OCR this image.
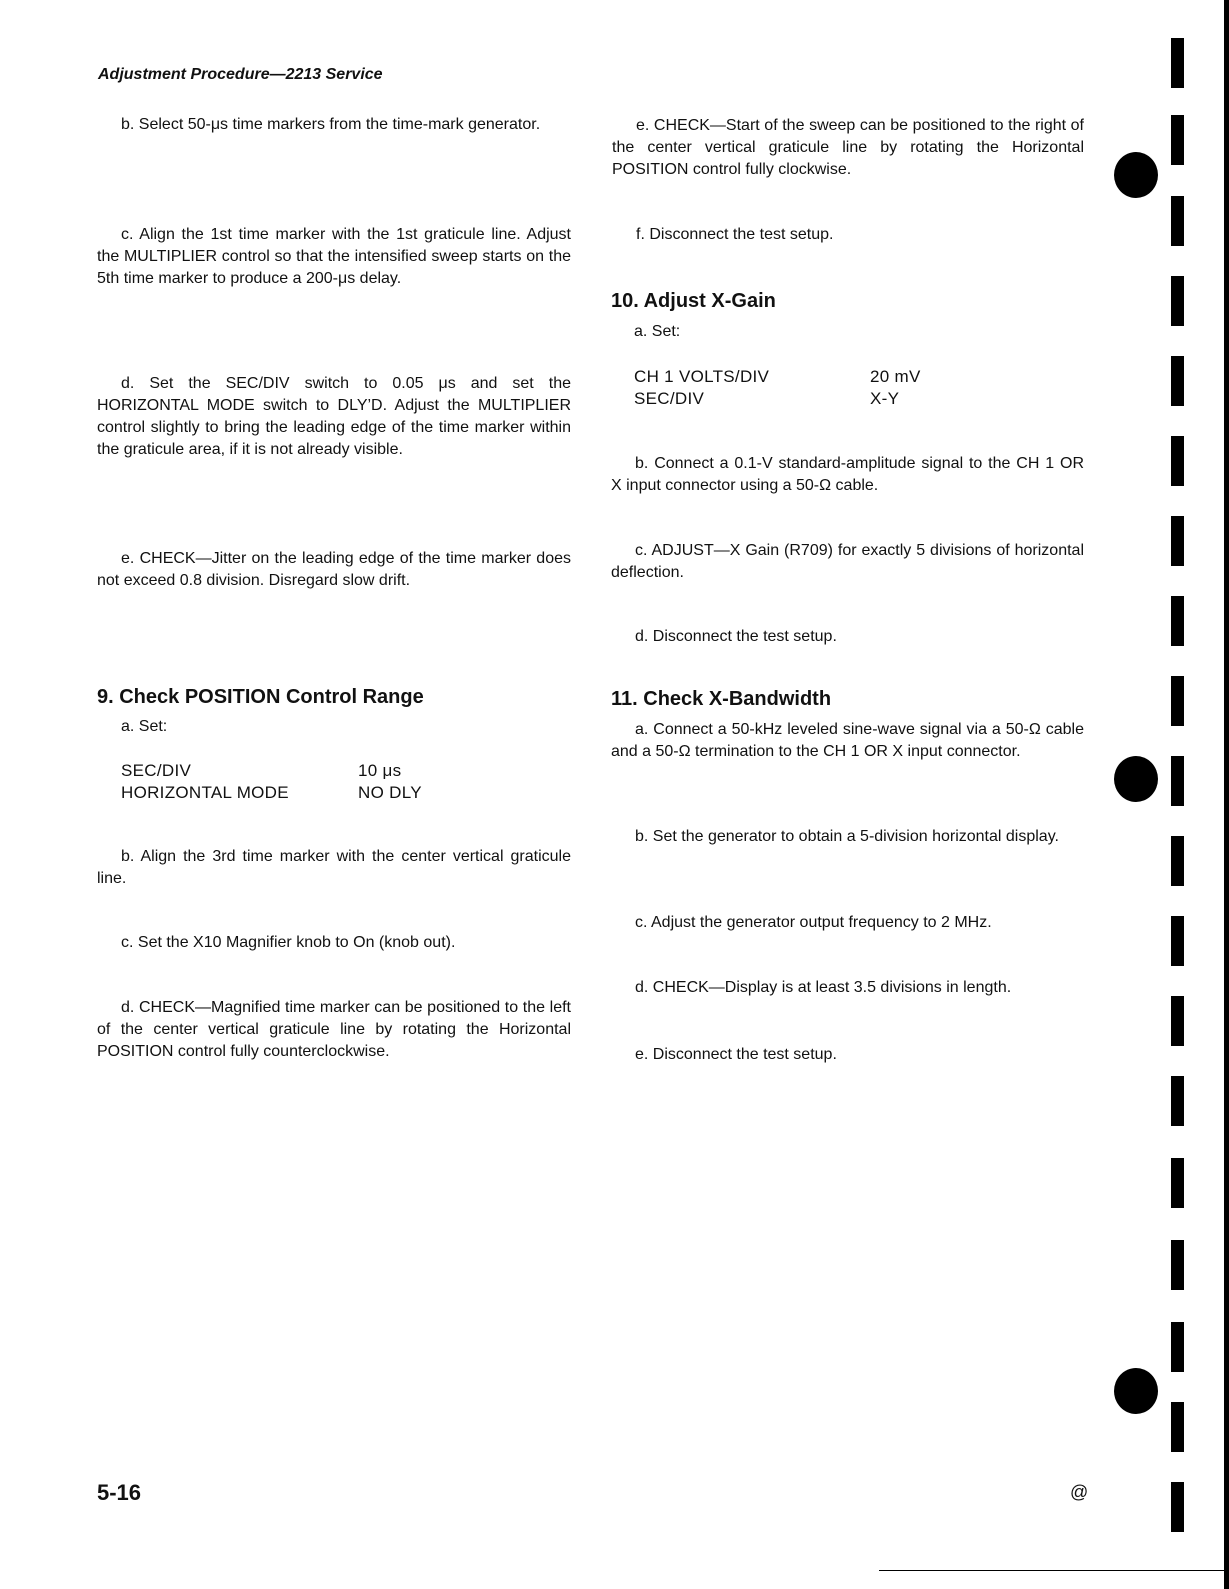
Adjustment Procedure—2213 Service

b. Select 50-μs time markers from the time-mark generator.

c. Align the 1st time marker with the 1st graticule line. Adjust the MULTIPLIER control so that the intensified sweep starts on the 5th time marker to produce a 200-μs delay.

d. Set the SEC/DIV switch to 0.05 μs and set the HORIZONTAL MODE switch to DLY’D. Adjust the MULTIPLIER control slightly to bring the leading edge of the time marker within the graticule area, if it is not already visible.

e. CHECK—Jitter on the leading edge of the time marker does not exceed 0.8 division. Disregard slow drift.

9. Check POSITION Control Range
a. Set:
SEC/DIV	10 μs
HORIZONTAL MODE	NO DLY

b. Align the 3rd time marker with the center vertical graticule line.

c. Set the X10 Magnifier knob to On (knob out).

d. CHECK—Magnified time marker can be positioned to the left of the center vertical graticule line by rotating the Horizontal POSITION control fully counterclockwise.

e. CHECK—Start of the sweep can be positioned to the right of the center vertical graticule line by rotating the Horizontal POSITION control fully clockwise.

f. Disconnect the test setup.

10. Adjust X-Gain
a. Set:
CH 1 VOLTS/DIV	20 mV
SEC/DIV	X-Y

b. Connect a 0.1-V standard-amplitude signal to the CH 1 OR X input connector using a 50-Ω cable.

c. ADJUST—X Gain (R709) for exactly 5 divisions of horizontal deflection.

d. Disconnect the test setup.

11. Check X-Bandwidth

a. Connect a 50-kHz leveled sine-wave signal via a 50-Ω cable and a 50-Ω termination to the CH 1 OR X input connector.

b. Set the generator to obtain a 5-division horizontal display.

c. Adjust the generator output frequency to 2 MHz.

d. CHECK—Display is at least 3.5 divisions in length.

e. Disconnect the test setup.

5-16	@
